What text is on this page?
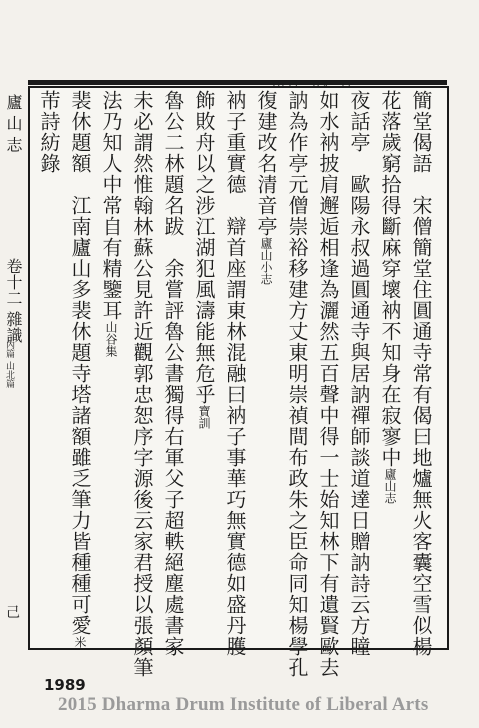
廬 山 志
卷十二 雜識
內篇 山北篇
己	簡堂偈語　宋僧簡堂住圓通寺常有偈曰地爐無火客囊空雪似楊
花落歲窮拾得斷麻穿壞衲不知身在寂寥中廬山志
夜話亭　歐陽永叔過圓通寺與居訥禪師談道達日贈訥詩云方瞳
如水衲披肩邂逅相逢為灑然五百聲中得一士始知林下有遺賢歐去
訥為作亭元僧崇裕移建方丈東明崇禎間布政朱之臣命同知楊學孔
復建改名清音亭廬山小志
衲子重實德　辯首座謂東林混融曰衲子事華巧無實德如盛丹臒
飾敗舟以之涉江湖犯風濤能無危乎寶訓
魯公二林題名跋　余嘗評魯公書獨得右軍父子超軼絕塵處書家
未必謂然惟翰林蘇公見許近觀郭忠恕序字源後云家君授以張顏筆
法乃知人中常自有精鑒耳山谷集
裴休題額　江南廬山多裴休題寺塔諸額雖乏筆力皆種種可愛米
芾詩紡錄
1989
2015 Dharma Drum Institute of Liberal Arts
